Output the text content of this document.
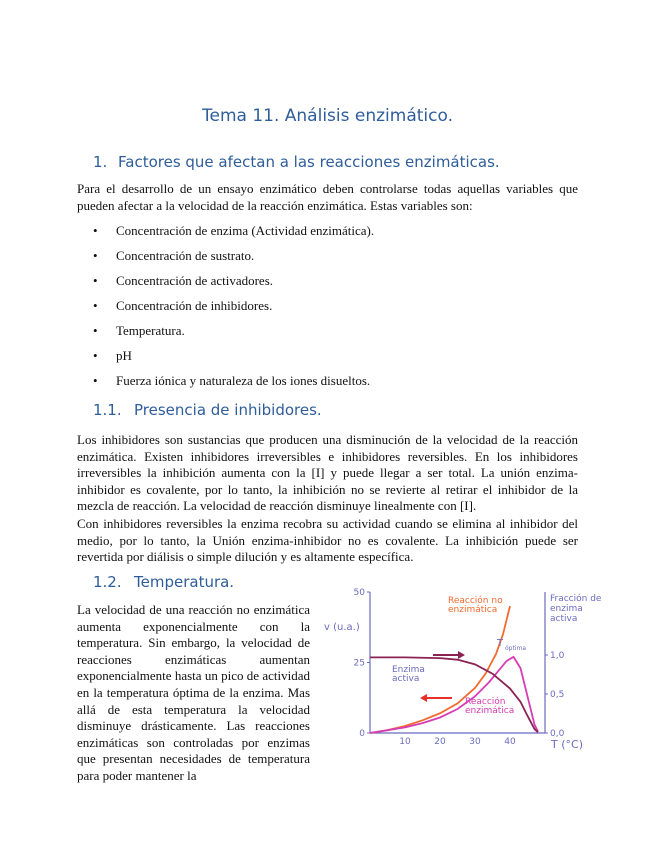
Tema 11. Análisis enzimático.
1. Factores que afectan a las reacciones enzimáticas.

Para el desarrollo de un ensayo enzimático deben controlarse todas aquellas variables que pueden afectar a la velocidad de la reacción enzimática. Estas variables son:

• Concentración de enzima (Actividad enzimática).
• Concentración de sustrato.
• Concentración de activadores.
• Concentración de inhibidores.
• Temperatura.
• pH
• Fuerza iónica y naturaleza de los iones disueltos.
1.1. Presencia de inhibidores.

Los inhibidores son sustancias que producen una disminución de la velocidad de la reacción enzimática. Existen inhibidores irreversibles e inhibidores reversibles. En los inhibidores irreversibles la inhibición aumenta con la [I] y puede llegar a ser total. La unión enzima-inhibidor es covalente, por lo tanto, la inhibición no se revierte al retirar el inhibidor de la mezcla de reacción. La velocidad de reacción disminuye linealmente con [I].

Con inhibidores reversibles la enzima recobra su actividad cuando se elimina al inhibidor del medio, por lo tanto, la Unión enzima-inhibidor no es covalente. La inhibición puede ser revertida por diálisis o simple dilución y es altamente específica.

1.2. Temperatura.

La velocidad de una reacción no enzimática aumenta exponencialmente con la temperatura. Sin embargo, la velocidad de reacciones enzimáticas aumentan exponencialmente hasta un pico de actividad en la temperatura óptima de la enzima. Mas allá de esta temperatura la velocidad disminuye drásticamente. Las reacciones enzimáticas son controladas por enzimas que presentan necesidades de temperatura para poder mantener la

10	20	30	40
0
25
50
0,0
0,5
1,0
v (u.a.)
T (°C)
Fracción de
enzima
activa
Reacción no
enzimática
Reacción
enzimática
Enzima
activa
T óptima
